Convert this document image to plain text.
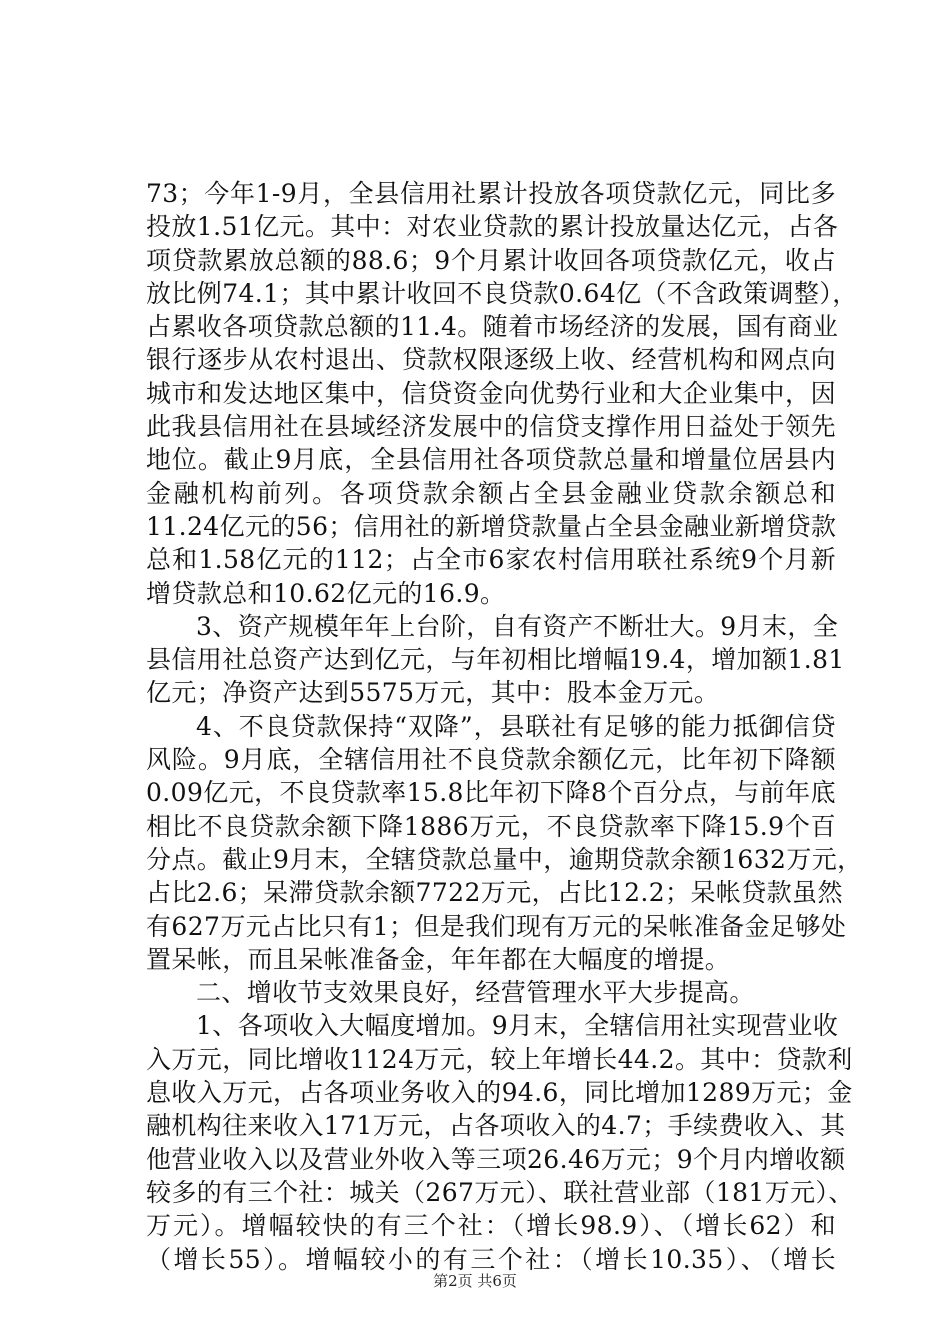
73；今年1-9月，全县信用社累计投放各项贷款亿元，同比多
投放1.51亿元。其中：对农业贷款的累计投放量达亿元，占各
项贷款累放总额的88.6；9个月累计收回各项贷款亿元，收占
放比例74.1；其中累计收回不良贷款0.64亿（不含政策调整），
占累收各项贷款总额的11.4。随着市场经济的发展，国有商业
银行逐步从农村退出、贷款权限逐级上收、经营机构和网点向
城市和发达地区集中，信贷资金向优势行业和大企业集中，因
此我县信用社在县域经济发展中的信贷支撑作用日益处于领先
地位。截止9月底，全县信用社各项贷款总量和增量位居县内
金融机构前列。各项贷款余额占全县金融业贷款余额总和
11.24亿元的56；信用社的新增贷款量占全县金融业新增贷款
总和1.58亿元的112；占全市6家农村信用联社系统9个月新
增贷款总和10.62亿元的16.9。
3、资产规模年年上台阶，自有资产不断壮大。9月末，全
县信用社总资产达到亿元，与年初相比增幅19.4，增加额1.81
亿元；净资产达到5575万元，其中：股本金万元。
4、不良贷款保持“双降”，县联社有足够的能力抵御信贷
风险。9月底，全辖信用社不良贷款余额亿元，比年初下降额
0.09亿元，不良贷款率15.8比年初下降8个百分点，与前年底
相比不良贷款余额下降1886万元，不良贷款率下降15.9个百
分点。截止9月末，全辖贷款总量中，逾期贷款余额1632万元，
占比2.6；呆滞贷款余额7722万元，占比12.2；呆帐贷款虽然
有627万元占比只有1；但是我们现有万元的呆帐准备金足够处
置呆帐，而且呆帐准备金，年年都在大幅度的增提。
二、增收节支效果良好，经营管理水平大步提高。
1、各项收入大幅度增加。9月末，全辖信用社实现营业收
入万元，同比增收1124万元，较上年增长44.2。其中：贷款利
息收入万元，占各项业务收入的94.6，同比增加1289万元；金
融机构往来收入171万元，占各项收入的4.7；手续费收入、其
他营业收入以及营业外收入等三项26.46万元；9个月内增收额
较多的有三个社：城关（267万元）、联社营业部（181万元）、
万元）。增幅较快的有三个社：（增长98.9）、（增长62）和
（增长55）。增幅较小的有三个社：（增长10.35）、（增长
第2页 共6页
